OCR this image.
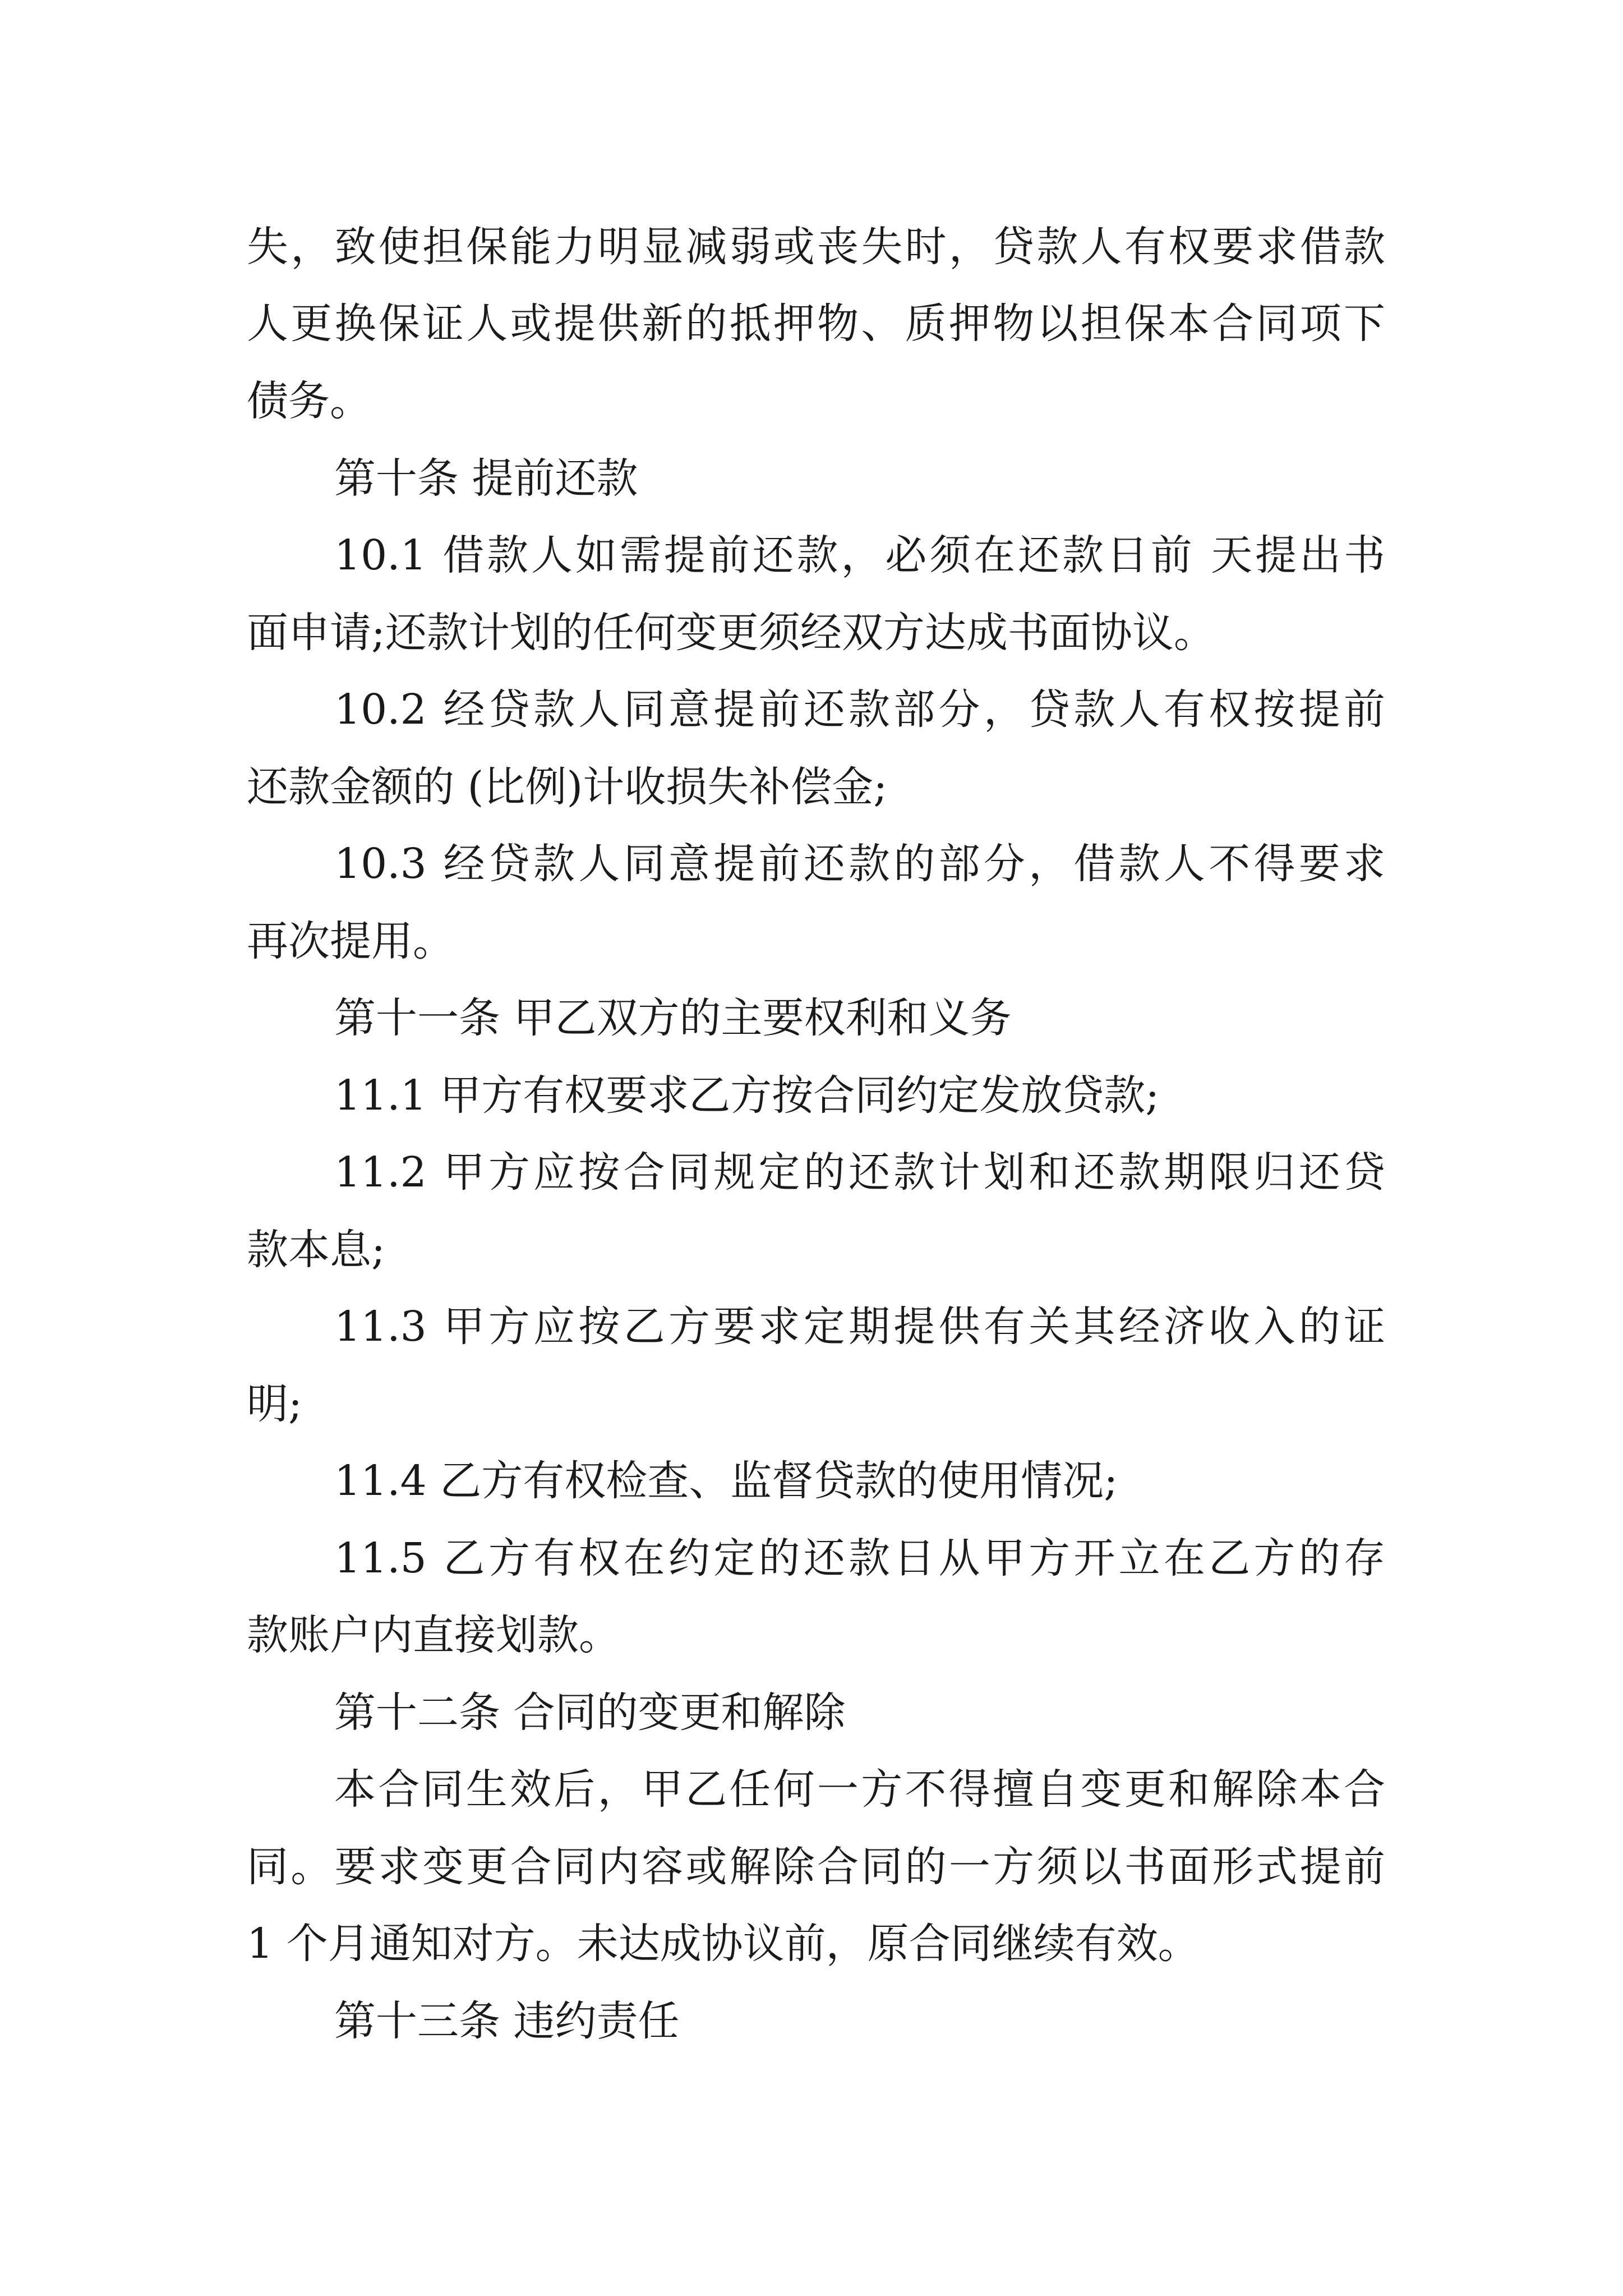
失，致使担保能力明显减弱或丧失时，贷款人有权要求借款
人更换保证人或提供新的抵押物、质押物以担保本合同项下
债务。
第十条 提前还款
10.1 借款人如需提前还款，必须在还款日前 天提出书
面申请;还款计划的任何变更须经双方达成书面协议。
10.2 经贷款人同意提前还款部分，贷款人有权按提前
还款金额的 (比例)计收损失补偿金;
10.3 经贷款人同意提前还款的部分，借款人不得要求
再次提用。
第十一条 甲乙双方的主要权利和义务
11.1 甲方有权要求乙方按合同约定发放贷款;
11.2 甲方应按合同规定的还款计划和还款期限归还贷
款本息;
11.3 甲方应按乙方要求定期提供有关其经济收入的证
明;
11.4 乙方有权检查、监督贷款的使用情况;
11.5 乙方有权在约定的还款日从甲方开立在乙方的存
款账户内直接划款。
第十二条 合同的变更和解除
本合同生效后，甲乙任何一方不得擅自变更和解除本合
同。要求变更合同内容或解除合同的一方须以书面形式提前
1 个月通知对方。未达成协议前，原合同继续有效。
第十三条 违约责任
